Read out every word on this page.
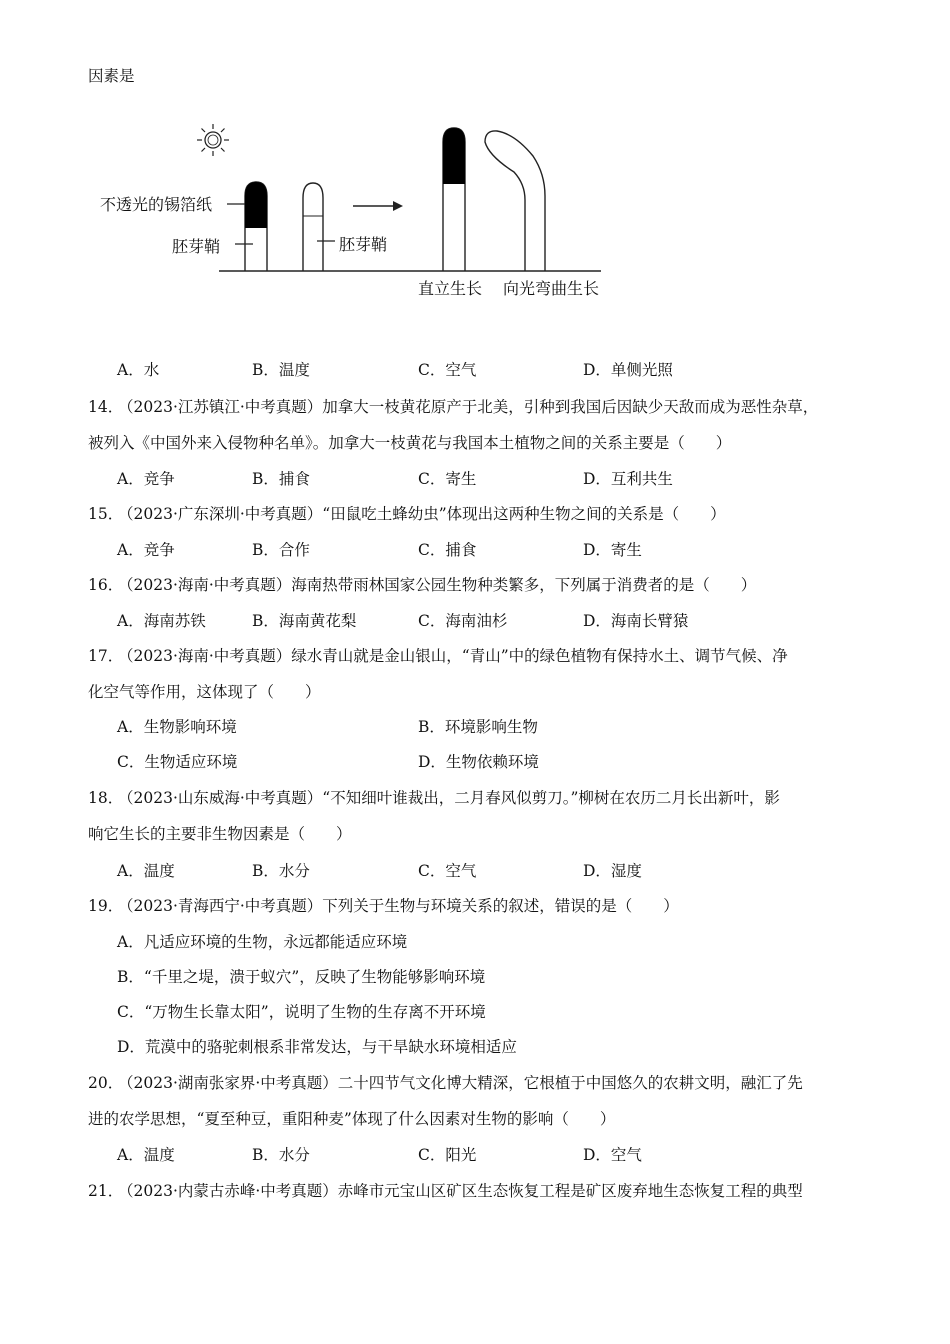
因素是
不透光的锡箔纸
胚芽鞘	胚芽鞘
直立生长 向光弯曲生长
A．水	B．温度	C．空气	D．单侧光照
14．
（2023·江苏镇江·中考真题）加拿大一枝黄花原产于北美，引种到我国后因缺少天敌而成为恶性杂草，
被列入《中国外来入侵物种名单》。加拿大一枝黄花与我国本土植物之间的关系主要是（　　）
A．竞争	B．捕食	C．寄生	D．互利共生
15．
（2023·广东深圳·中考真题）“田鼠吃土蜂幼虫”体现出这两种生物之间的关系是（　　）
A．竞争	B．合作	C．捕食	D．寄生
16．
（2023·海南·中考真题）海南热带雨林国家公园生物种类繁多，下列属于消费者的是（　　）
A．海南苏铁	B．海南黄花梨	C．海南油杉	D．海南长臂猿
17．
（2023·海南·中考真题）绿水青山就是金山银山，“青山”中的绿色植物有保持水土、调节气候、净
化空气等作用，这体现了（　　）
A．生物影响环境	B．环境影响生物
C．生物适应环境	D．生物依赖环境
18．
（2023·山东威海·中考真题）“不知细叶谁裁出，二月春风似剪刀。”柳树在农历二月长出新叶，影
响它生长的主要非生物因素是（　　）
A．温度	B．水分	C．空气	D．湿度
19．
（2023·青海西宁·中考真题）下列关于生物与环境关系的叙述，错误的是（　　）
A．凡适应环境的生物，永远都能适应环境
B．“千里之堤，溃于蚁穴”，反映了生物能够影响环境
C．“万物生长靠太阳”，说明了生物的生存离不开环境
D．荒漠中的骆驼刺根系非常发达，与干旱缺水环境相适应
20．
（2023·湖南张家界·中考真题）二十四节气文化博大精深，它根植于中国悠久的农耕文明，融汇了先
进的农学思想，“夏至种豆，重阳种麦”体现了什么因素对生物的影响（　　）
A．温度	B．水分	C．阳光	D．空气
21．
（2023·内蒙古赤峰·中考真题）赤峰市元宝山区矿区生态恢复工程是矿区废弃地生态恢复工程的典型
